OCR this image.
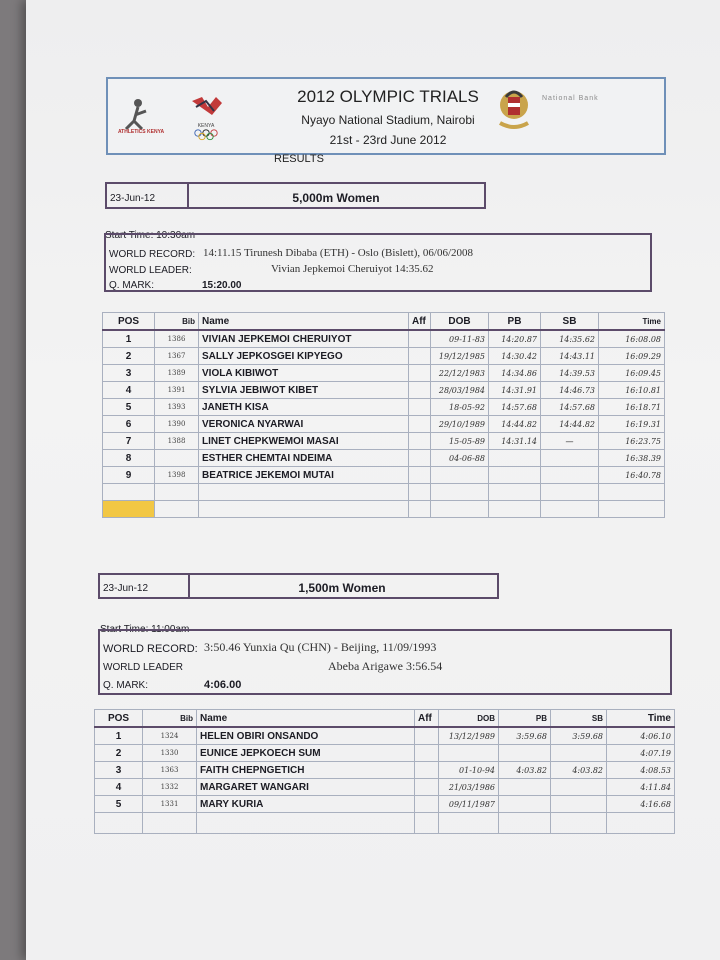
ATHLETICS KENYA
KENYA
2012 OLYMPIC TRIALS
Nyayo National Stadium, Nairobi
21st - 23rd June 2012
National Bank
RESULTS
23-Jun-12	5,000m Women
Start Time: 10:30am
WORLD RECORD: 14:11.15 Tirunesh Dibaba (ETH) - Oslo (Bislett), 06/06/2008
WORLD LEADER:	Vivian Jepkemoi Cheruiyot 14:35.62
Q. MARK:	15:20.00
POS	Bib	Name	Aff	DOB	PB	SB	Time
1	1386	VIVIAN JEPKEMOI CHERUIYOT		09-11-83	14:20.87	14:35.62	16:08.08
2	1367	SALLY JEPKOSGEI KIPYEGO		19/12/1985	14:30.42	14:43.11	16:09.29
3	1389	VIOLA KIBIWOT		22/12/1983	14:34.86	14:39.53	16:09.45
4	1391	SYLVIA JEBIWOT KIBET		28/03/1984	14:31.91	14:46.73	16:10.81
5	1393	JANETH KISA		18-05-92	14:57.68	14:57.68	16:18.71
6	1390	VERONICA NYARWAI		29/10/1989	14:44.82	14:44.82	16:19.31
7	1388	LINET CHEPKWEMOI MASAI		15-05-89	14:31.14	—	16:23.75
8		ESTHER CHEMTAI NDEIMA		04-06-88			16:38.39
9	1398	BEATRICE JEKEMOI MUTAI					16:40.78

23-Jun-12	1,500m Women
Start Time: 11:00am
WORLD RECORD: 3:50.46 Yunxia Qu (CHN) - Beijing, 11/09/1993
WORLD LEADER	Abeba Arigawe 3:56.54
Q. MARK:	4:06.00
POS	Bib	Name	Aff	DOB	PB	SB	Time
1	1324	HELEN OBIRI ONSANDO		13/12/1989	3:59.68	3:59.68	4:06.10
2	1330	EUNICE JEPKOECH SUM					4:07.19
3	1363	FAITH CHEPNGETICH		01-10-94	4:03.82	4:03.82	4:08.53
4	1332	MARGARET WANGARI		21/03/1986			4:11.84
5	1331	MARY KURIA		09/11/1987			4:16.68
